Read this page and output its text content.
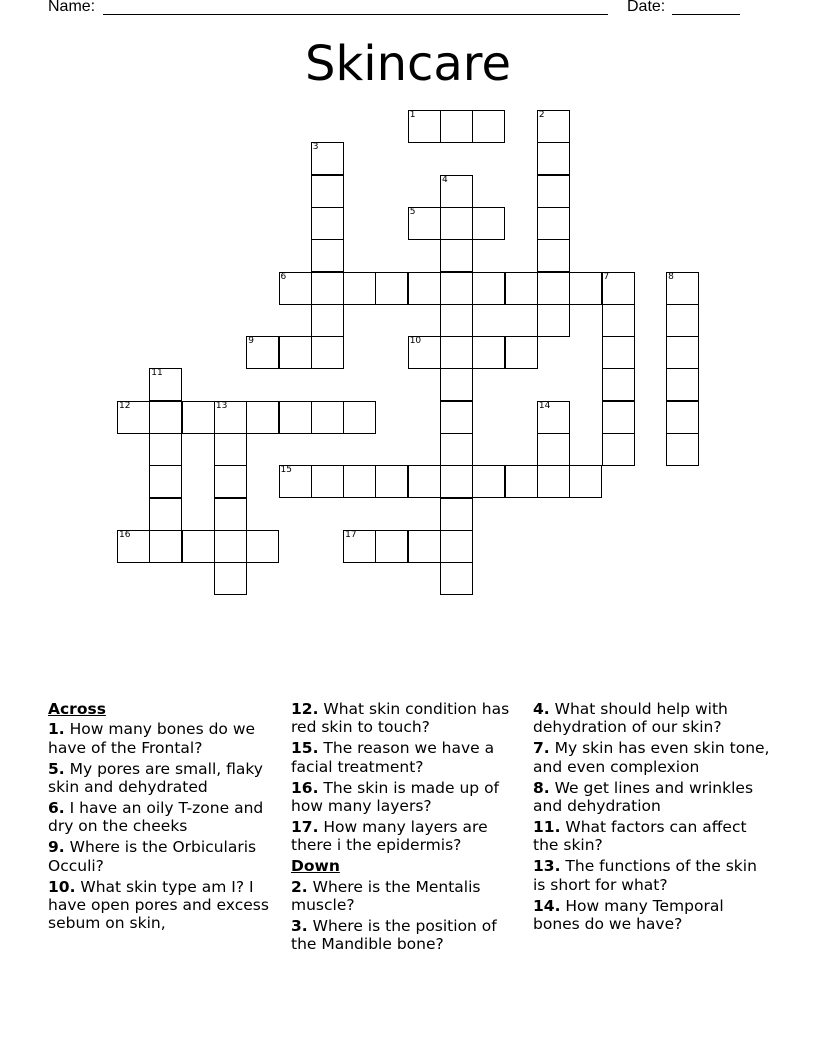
Name:	Date:
Skincare
1	2
3
4
5
6	7	8
9	10
11
12	13	14
15
16	17
Across
1. How many bones do we have of the Frontal?
5. My pores are small, flaky skin and dehydrated
6. I have an oily T-zone and dry on the cheeks
9. Where is the Orbicularis Occuli?
10. What skin type am I? I have open pores and excess sebum on skin,
12. What skin condition has red skin to touch?
15. The reason we have a facial treatment?
16. The skin is made up of how many layers?
17. How many layers are there i the epidermis?
Down
2. Where is the Mentalis muscle?
3. Where is the position of the Mandible bone?
4. What should help with dehydration of our skin?
7. My skin has even skin tone, and even complexion
8. We get lines and wrinkles and dehydration
11. What factors can affect the skin?
13. The functions of the skin is short for what?
14. How many Temporal bones do we have?
